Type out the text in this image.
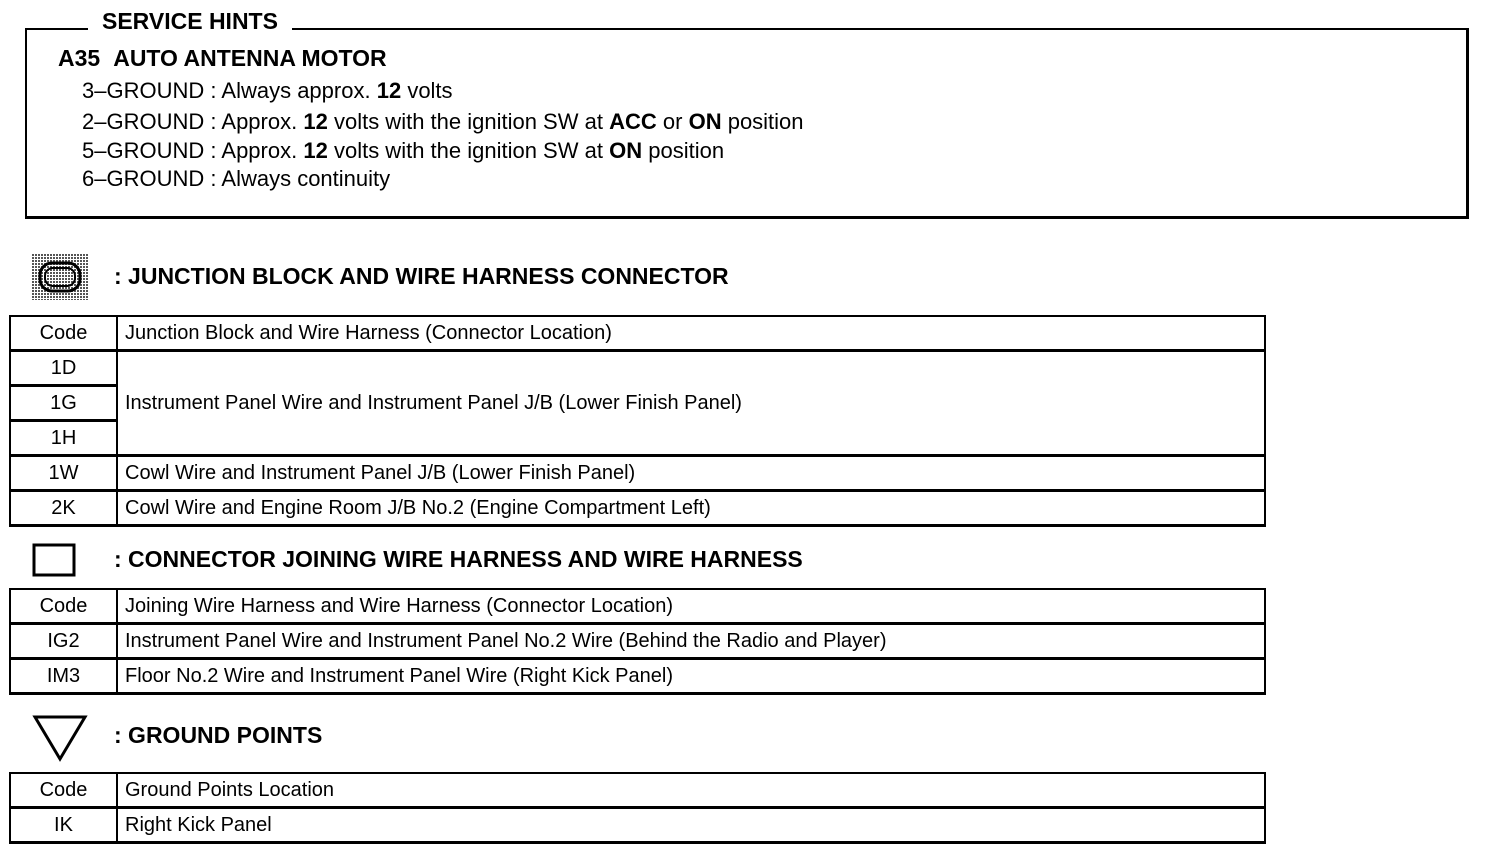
SERVICE HINTS
A35 AUTO ANTENNA MOTOR
3–GROUND : Always approx. 12 volts
2–GROUND : Approx. 12 volts with the ignition SW at ACC or ON position
5–GROUND : Approx. 12 volts with the ignition SW at ON position
6–GROUND : Always continuity
: JUNCTION BLOCK AND WIRE HARNESS CONNECTOR
Code	Junction Block and Wire Harness (Connector Location)
1D	Instrument Panel Wire and Instrument Panel J/B (Lower Finish Panel)
1G	
1H	
1W	Cowl Wire and Instrument Panel J/B (Lower Finish Panel)
2K	Cowl Wire and Engine Room J/B No.2 (Engine Compartment Left)
: CONNECTOR JOINING WIRE HARNESS AND WIRE HARNESS
Code	Joining Wire Harness and Wire Harness (Connector Location)
IG2	Instrument Panel Wire and Instrument Panel No.2 Wire (Behind the Radio and Player)
IM3	Floor No.2 Wire and Instrument Panel Wire (Right Kick Panel)
: GROUND POINTS
Code	Ground Points Location
IK	Right Kick Panel
